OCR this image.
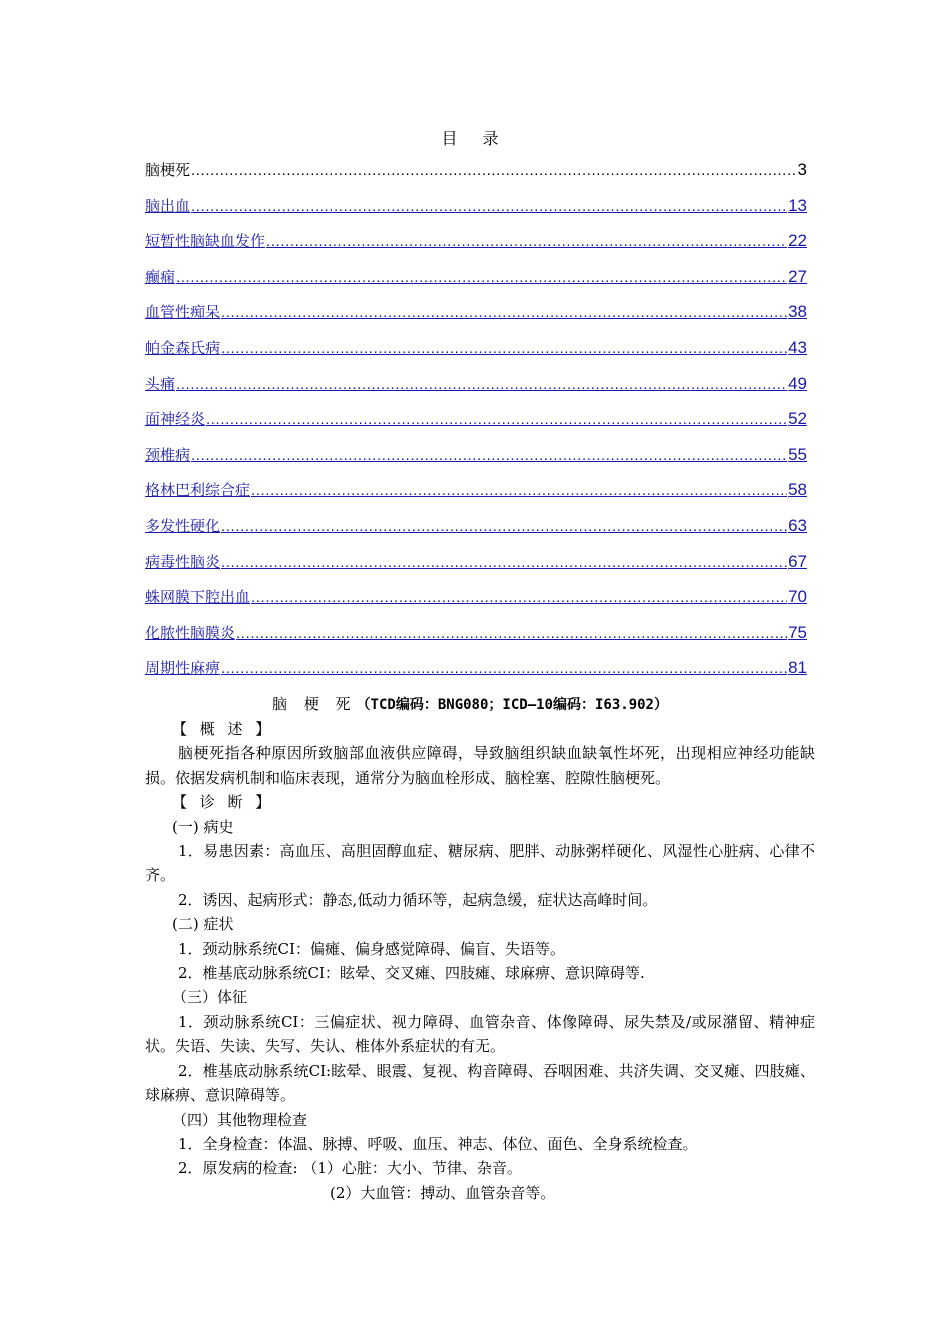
目 录
脑梗死 .....	3
脑出血 .....	13
短暂性脑缺血发作 .....	22
癫痫 .....	27
血管性痴呆 .....	38
帕金森氏病 .....	43
头痛 .....	49
面神经炎 .....	52
颈椎病 .....	55
格林巴利综合症 .....	58
多发性硬化 .....	63
病毒性脑炎 .....	67
蛛网膜下腔出血 .....	70
化脓性脑膜炎 .....	75
周期性麻痹 .....	81
脑 梗 死（TCD编码：BNG080；ICD—10编码：I63.902）
【 概 述 】
脑梗死指各种原因所致脑部血液供应障碍，导致脑组织缺血缺氧性坏死，出现相应神经功能缺损。依据发病机制和临床表现，通常分为脑血栓形成、脑栓塞、腔隙性脑梗死。
【 诊 断 】
(一) 病史
1．易患因素：高血压、高胆固醇血症、糖尿病、肥胖、动脉粥样硬化、风湿性心脏病、心律不齐。
2．诱因、起病形式：静态,低动力循环等，起病急缓，症状达高峰时间。
(二) 症状
1．颈动脉系统CI：偏瘫、偏身感觉障碍、偏盲、失语等。
2．椎基底动脉系统CI：眩晕、交叉瘫、四肢瘫、球麻痹、意识障碍等.
（三）体征
1．颈动脉系统CI：三偏症状、视力障碍、血管杂音、体像障碍、尿失禁及/或尿潴留、精神症状。失语、失读、失写、失认、椎体外系症状的有无。
2．椎基底动脉系统CI:眩晕、眼震、复视、构音障碍、吞咽困难、共济失调、交叉瘫、四肢瘫、球麻痹、意识障碍等。
（四）其他物理检查
1．全身检查：体温、脉搏、呼吸、血压、神志、体位、面色、全身系统检查。
2．原发病的检查: （1）心脏：大小、节律、杂音。
(2）大血管：搏动、血管杂音等。
